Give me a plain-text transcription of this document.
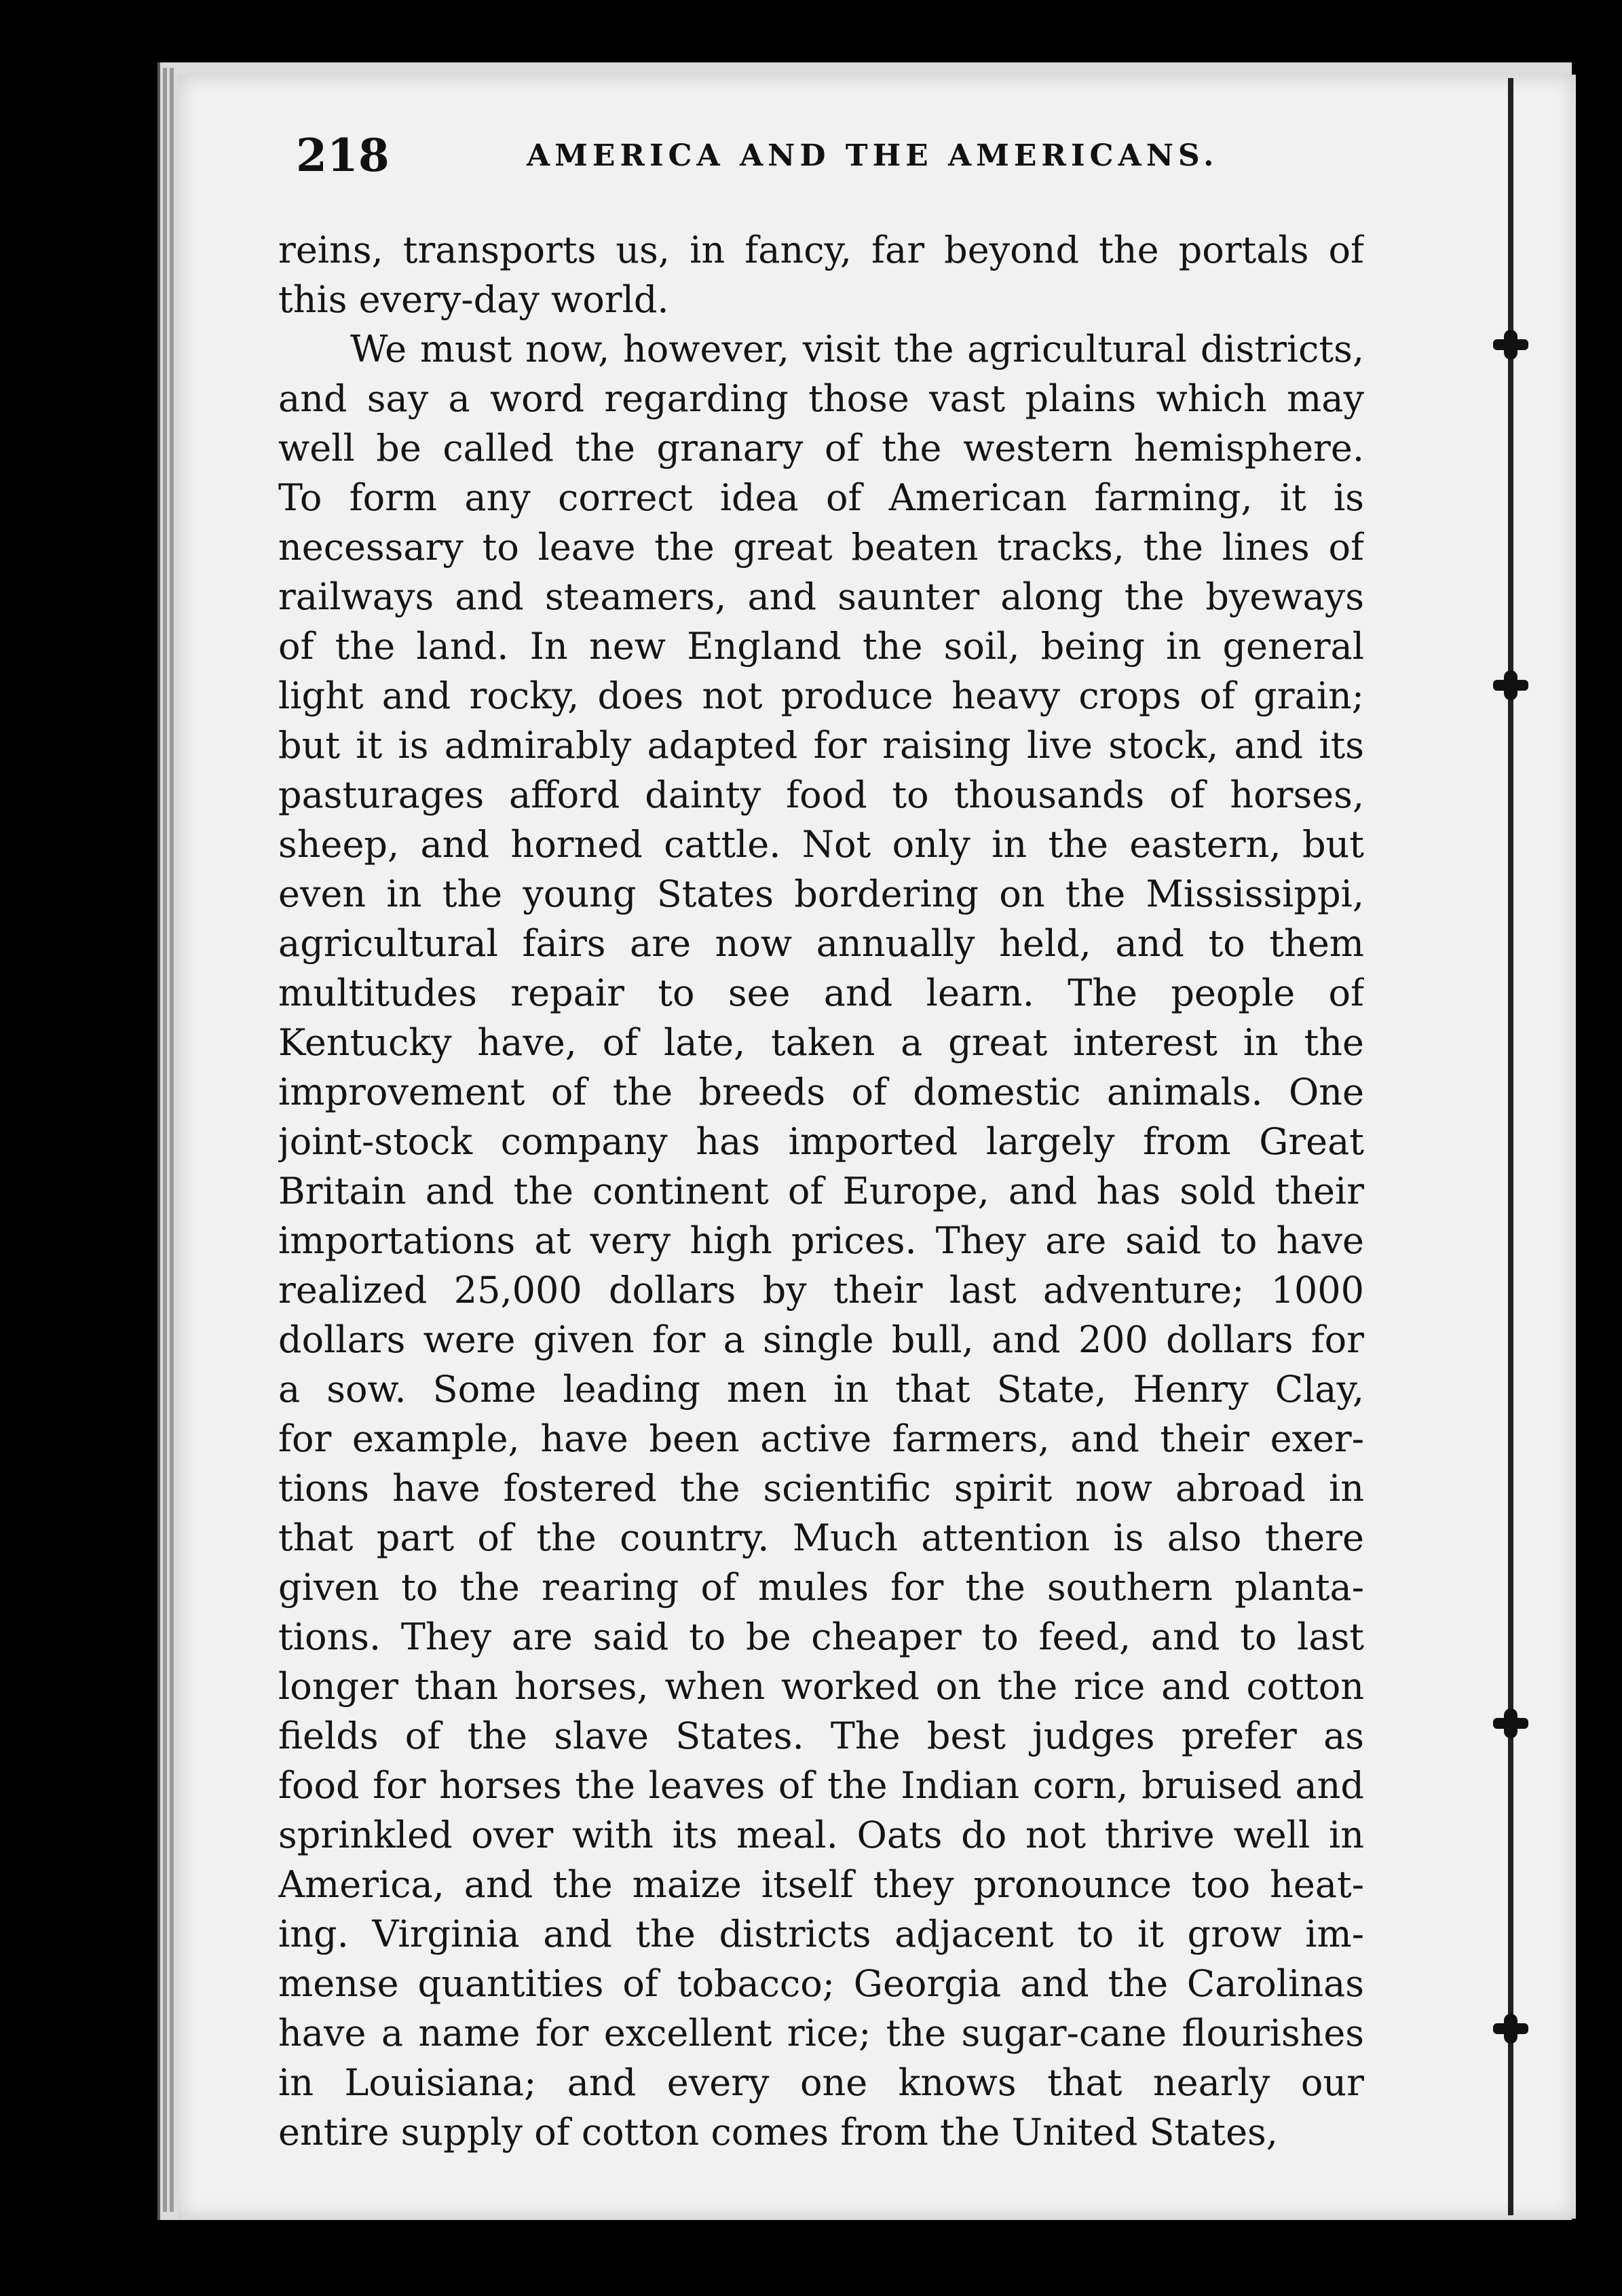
218	AMERICA AND THE AMERICANS.
reins, transports us, in fancy, far beyond the portals of
this every-day world.
We must now, however, visit the agricultural districts,
and say a word regarding those vast plains which may
well be called the granary of the western hemisphere.
To form any correct idea of American farming, it is
necessary to leave the great beaten tracks, the lines of
railways and steamers, and saunter along the byeways
of the land. In new England the soil, being in general
light and rocky, does not produce heavy crops of grain;
but it is admirably adapted for raising live stock, and its
pasturages afford dainty food to thousands of horses,
sheep, and horned cattle. Not only in the eastern, but
even in the young States bordering on the Mississippi,
agricultural fairs are now annually held, and to them
multitudes repair to see and learn. The people of
Kentucky have, of late, taken a great interest in the
improvement of the breeds of domestic animals. One
joint-stock company has imported largely from Great
Britain and the continent of Europe, and has sold their
importations at very high prices. They are said to have
realized 25,000 dollars by their last adventure; 1000
dollars were given for a single bull, and 200 dollars for
a sow. Some leading men in that State, Henry Clay,
for example, have been active farmers, and their exer-
tions have fostered the scientific spirit now abroad in
that part of the country. Much attention is also there
given to the rearing of mules for the southern planta-
tions. They are said to be cheaper to feed, and to last
longer than horses, when worked on the rice and cotton
fields of the slave States. The best judges prefer as
food for horses the leaves of the Indian corn, bruised and
sprinkled over with its meal. Oats do not thrive well in
America, and the maize itself they pronounce too heat-
ing. Virginia and the districts adjacent to it grow im-
mense quantities of tobacco; Georgia and the Carolinas
have a name for excellent rice; the sugar-cane flourishes
in Louisiana; and every one knows that nearly our
entire supply of cotton comes from the United States,
